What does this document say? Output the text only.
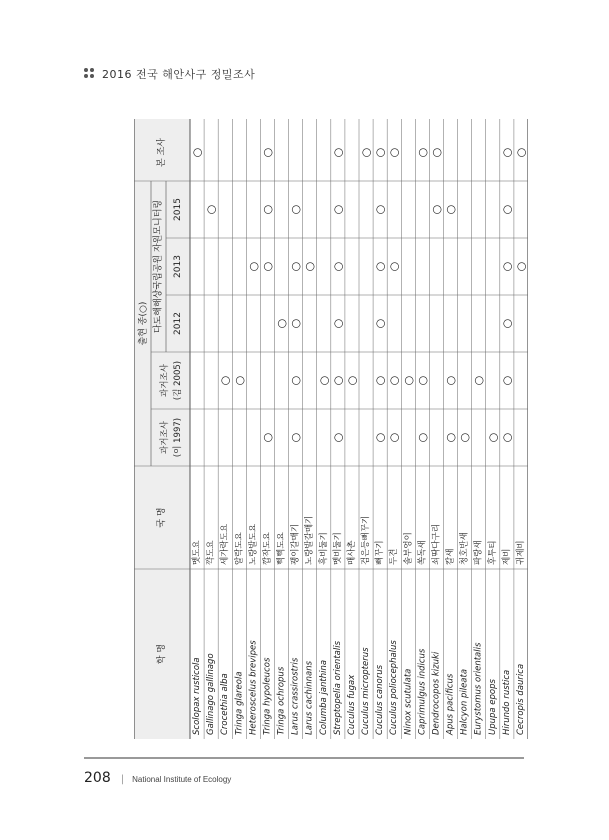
2016 전국 해안사구 정밀조사
학 명
국 명
출현 종(○)
과거조사 (이 1997)
과거조사 (김 2005)
다도해해상국립공원 자원모니터링 2012
2013
2015
본 조사
Scolopax rusticola
멧도요
○
Gallinago gallinago
꺅도요
○
Crocethia alba
세가락도요
○
Tringa glareola
알락도요
○
Heteroscelus brevipes
노랑발도요
○
Tringa hypoleucos
깝작도요
○
○
○
○
Tringa ochropus
삑삑도요
○
Larus crassirostris
괭이갈매기
○
○
○
○
○
Larus cachinnans
노랑발갈매기
○
Columba janthina
흑비둘기
○
Streptopelia orientalis
멧비둘기
○
○
○
○
○
○
Cuculus fugax
매사촌
○
Cuculus micropterus
검은등뻐꾸기
○
Cuculus canorus
뻐꾸기
○
○
○
○
○
○
Cuculus poliocephalus
두견
○
○
○
○
Ninox scutulata
솔부엉이
○
Caprimulgus indicus
쏙독새
○
○
○
Dendrocopos kizuki
쇠딱다구리
○
○
Apus pacificus
칼새
○
○
○
Halcyon pileata
청호반새
○
Eurystomus orientalis
파랑새
○
Upupa epops
후투티
○
Hirundo rustica
제비
○
○
○
○
○
○
Cecropis daurica
귀제비
○
○
208 | National Institute of Ecology
